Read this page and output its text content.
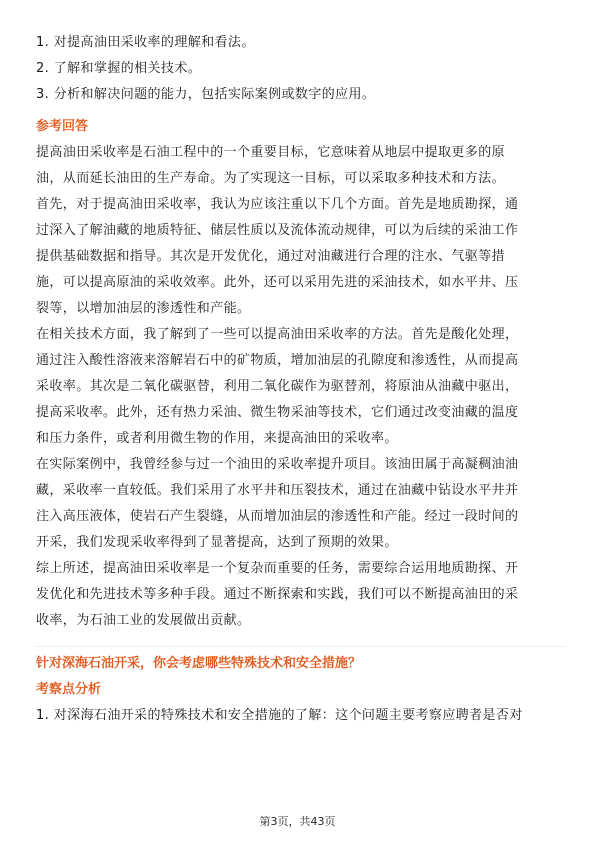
1. 对提高油田采收率的理解和看法。
2. 了解和掌握的相关技术。
3. 分析和解决问题的能力，包括实际案例或数字的应用。
参考回答
提高油田采收率是石油工程中的一个重要目标，它意味着从地层中提取更多的原
油，从而延长油田的生产寿命。为了实现这一目标，可以采取多种技术和方法。
首先，对于提高油田采收率，我认为应该注重以下几个方面。首先是地质勘探，通
过深入了解油藏的地质特征、储层性质以及流体流动规律，可以为后续的采油工作
提供基础数据和指导。其次是开发优化，通过对油藏进行合理的注水、气驱等措
施，可以提高原油的采收效率。此外，还可以采用先进的采油技术，如水平井、压
裂等，以增加油层的渗透性和产能。
在相关技术方面，我了解到了一些可以提高油田采收率的方法。首先是酸化处理，
通过注入酸性溶液来溶解岩石中的矿物质，增加油层的孔隙度和渗透性，从而提高
采收率。其次是二氧化碳驱替，利用二氧化碳作为驱替剂，将原油从油藏中驱出，
提高采收率。此外，还有热力采油、微生物采油等技术，它们通过改变油藏的温度
和压力条件，或者利用微生物的作用，来提高油田的采收率。
在实际案例中，我曾经参与过一个油田的采收率提升项目。该油田属于高凝稠油油
藏，采收率一直较低。我们采用了水平井和压裂技术，通过在油藏中钻设水平井并
注入高压液体，使岩石产生裂缝，从而增加油层的渗透性和产能。经过一段时间的
开采，我们发现采收率得到了显著提高，达到了预期的效果。
综上所述，提高油田采收率是一个复杂而重要的任务，需要综合运用地质勘探、开
发优化和先进技术等多种手段。通过不断探索和实践，我们可以不断提高油田的采
收率，为石油工业的发展做出贡献。
针对深海石油开采，你会考虑哪些特殊技术和安全措施？
考察点分析
1. 对深海石油开采的特殊技术和安全措施的了解：这个问题主要考察应聘者是否对
第3页，共43页
